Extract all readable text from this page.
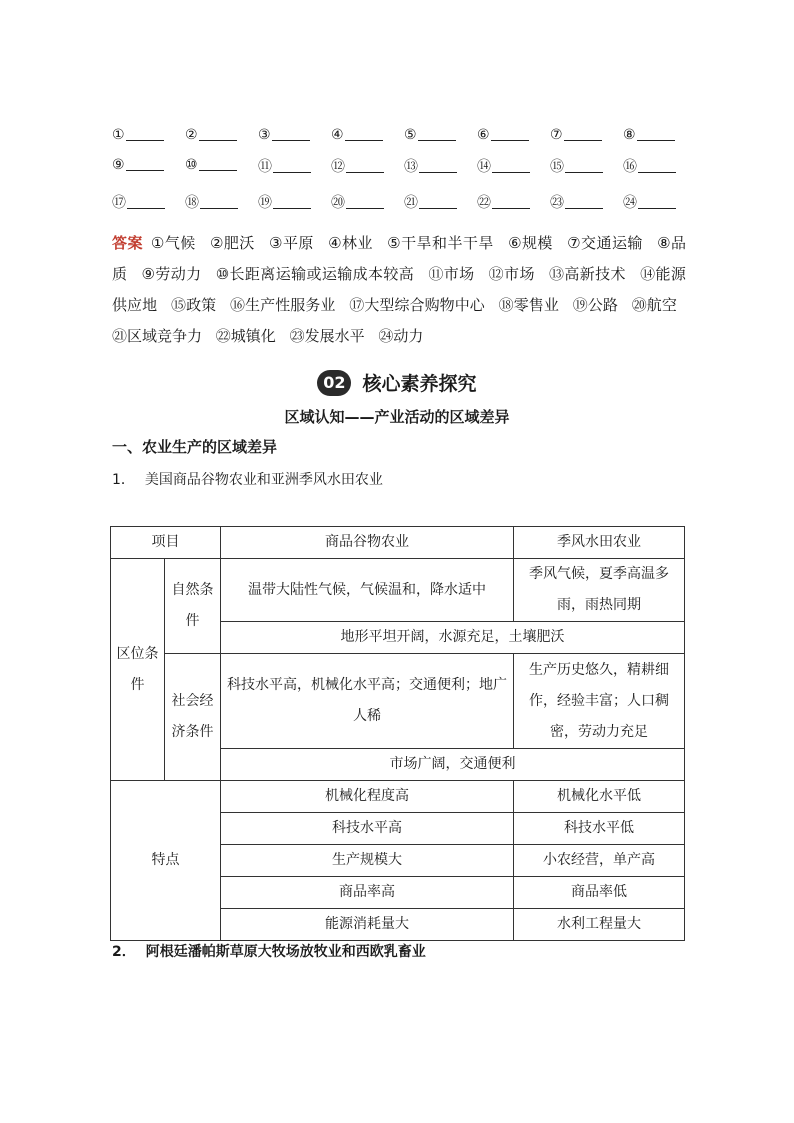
①	②	③	④	⑤	⑥	⑦	⑧
⑨	⑩	⑪	⑫	⑬	⑭	⑮	⑯
⑰	⑱	⑲	⑳	㉑	㉒	㉓	㉔
答案 ①气候 ②肥沃 ③平原 ④林业 ⑤干旱和半干旱 ⑥规模 ⑦交通运输 ⑧品质 ⑨劳动力 ⑩长距离运输或运输成本较高 ⑪市场 ⑫市场 ⑬高新技术 ⑭能源供应地 ⑮政策 ⑯生产性服务业 ⑰大型综合购物中心 ⑱零售业 ⑲公路 ⑳航空 ㉑区域竞争力 ㉒城镇化 ㉓发展水平 ㉔动力
02 核心素养探究
区域认知——产业活动的区域差异
一、农业生产的区域差异
1． 美国商品谷物农业和亚洲季风水田农业
项目		商品谷物农业	季风水田农业
区位条件	自然条件	温带大陆性气候，气候温和，降水适中	季风气候，夏季高温多雨，雨热同期
		地形平坦开阔，水源充足，土壤肥沃	
	社会经济条件	科技水平高，机械化水平高；交通便利；地广人稀	生产历史悠久，精耕细作，经验丰富；人口稠密，劳动力充足
		市场广阔，交通便利	
特点		机械化程度高	机械化水平低
		科技水平高	科技水平低
		生产规模大	小农经营，单产高
		商品率高	商品率低
		能源消耗量大	水利工程量大
2． 阿根廷潘帕斯草原大牧场放牧业和西欧乳畜业
